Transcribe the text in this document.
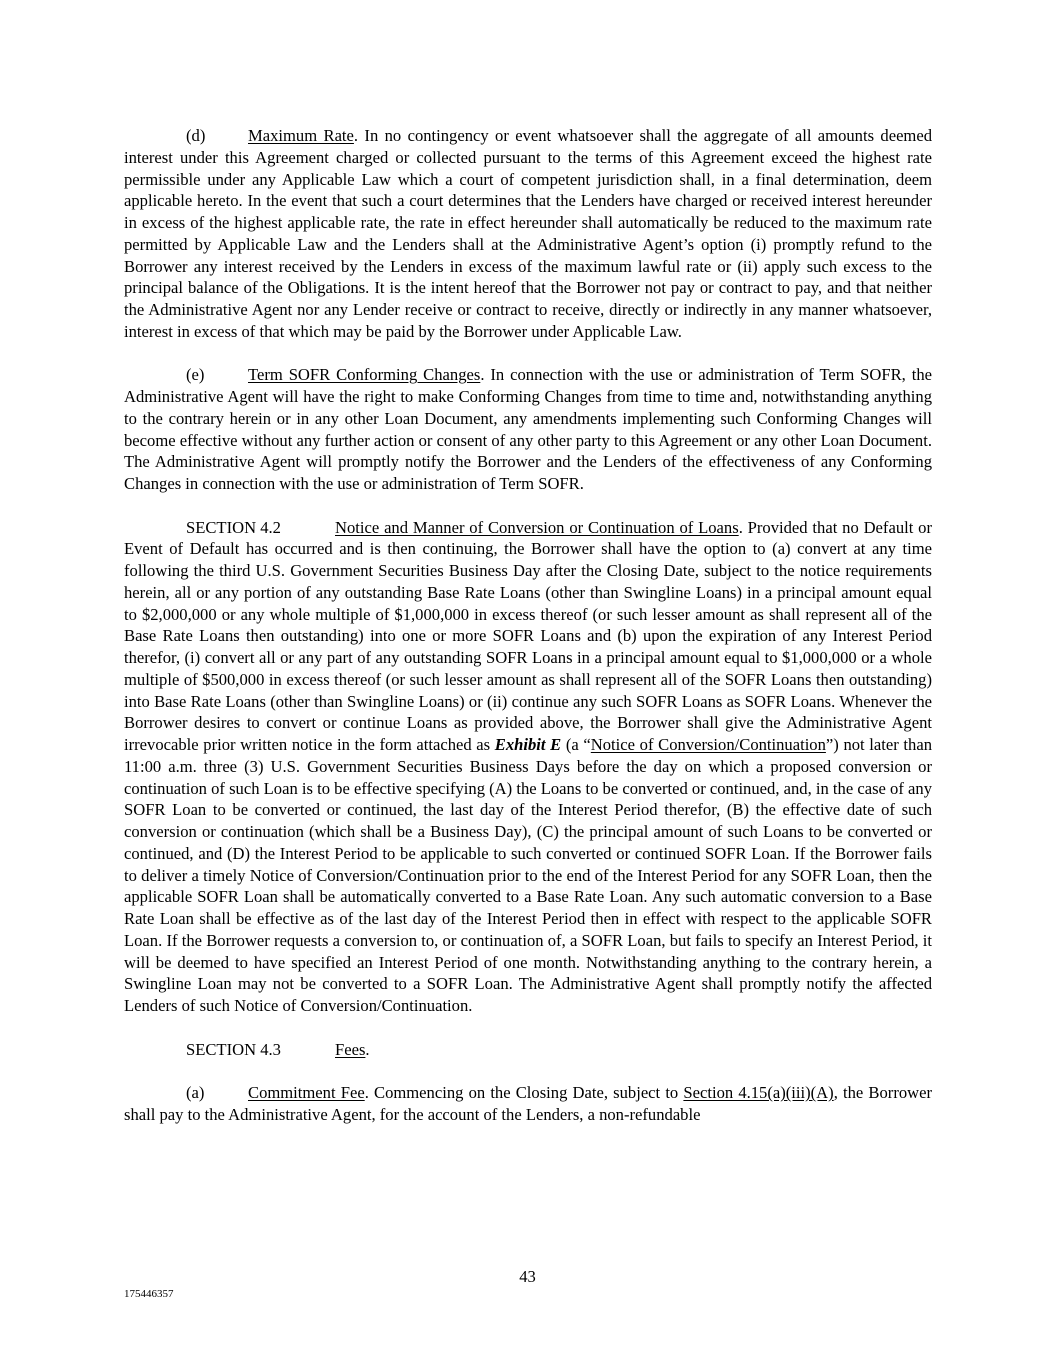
(d)	Maximum Rate. In no contingency or event whatsoever shall the aggregate of all amounts deemed interest under this Agreement charged or collected pursuant to the terms of this Agreement exceed the highest rate permissible under any Applicable Law which a court of competent jurisdiction shall, in a final determination, deem applicable hereto. In the event that such a court determines that the Lenders have charged or received interest hereunder in excess of the highest applicable rate, the rate in effect hereunder shall automatically be reduced to the maximum rate permitted by Applicable Law and the Lenders shall at the Administrative Agent’s option (i) promptly refund to the Borrower any interest received by the Lenders in excess of the maximum lawful rate or (ii) apply such excess to the principal balance of the Obligations. It is the intent hereof that the Borrower not pay or contract to pay, and that neither the Administrative Agent nor any Lender receive or contract to receive, directly or indirectly in any manner whatsoever, interest in excess of that which may be paid by the Borrower under Applicable Law.

(e)	Term SOFR Conforming Changes. In connection with the use or administration of Term SOFR, the Administrative Agent will have the right to make Conforming Changes from time to time and, notwithstanding anything to the contrary herein or in any other Loan Document, any amendments implementing such Conforming Changes will become effective without any further action or consent of any other party to this Agreement or any other Loan Document. The Administrative Agent will promptly notify the Borrower and the Lenders of the effectiveness of any Conforming Changes in connection with the use or administration of Term SOFR.

SECTION 4.2	Notice and Manner of Conversion or Continuation of Loans. Provided that no Default or Event of Default has occurred and is then continuing, the Borrower shall have the option to (a) convert at any time following the third U.S. Government Securities Business Day after the Closing Date, subject to the notice requirements herein, all or any portion of any outstanding Base Rate Loans (other than Swingline Loans) in a principal amount equal to $2,000,000 or any whole multiple of $1,000,000 in excess thereof (or such lesser amount as shall represent all of the Base Rate Loans then outstanding) into one or more SOFR Loans and (b) upon the expiration of any Interest Period therefor, (i) convert all or any part of any outstanding SOFR Loans in a principal amount equal to $1,000,000 or a whole multiple of $500,000 in excess thereof (or such lesser amount as shall represent all of the SOFR Loans then outstanding) into Base Rate Loans (other than Swingline Loans) or (ii) continue any such SOFR Loans as SOFR Loans. Whenever the Borrower desires to convert or continue Loans as provided above, the Borrower shall give the Administrative Agent irrevocable prior written notice in the form attached as Exhibit E (a “Notice of Conversion/Continuation”) not later than 11:00 a.m. three (3) U.S. Government Securities Business Days before the day on which a proposed conversion or continuation of such Loan is to be effective specifying (A) the Loans to be converted or continued, and, in the case of any SOFR Loan to be converted or continued, the last day of the Interest Period therefor, (B) the effective date of such conversion or continuation (which shall be a Business Day), (C) the principal amount of such Loans to be converted or continued, and (D) the Interest Period to be applicable to such converted or continued SOFR Loan. If the Borrower fails to deliver a timely Notice of Conversion/Continuation prior to the end of the Interest Period for any SOFR Loan, then the applicable SOFR Loan shall be automatically converted to a Base Rate Loan. Any such automatic conversion to a Base Rate Loan shall be effective as of the last day of the Interest Period then in effect with respect to the applicable SOFR Loan. If the Borrower requests a conversion to, or continuation of, a SOFR Loan, but fails to specify an Interest Period, it will be deemed to have specified an Interest Period of one month. Notwithstanding anything to the contrary herein, a Swingline Loan may not be converted to a SOFR Loan. The Administrative Agent shall promptly notify the affected Lenders of such Notice of Conversion/Continuation.

SECTION 4.3	Fees.

(a)	Commitment Fee. Commencing on the Closing Date, subject to Section 4.15(a)(iii)(A), the Borrower shall pay to the Administrative Agent, for the account of the Lenders, a non-refundable

43
175446357
